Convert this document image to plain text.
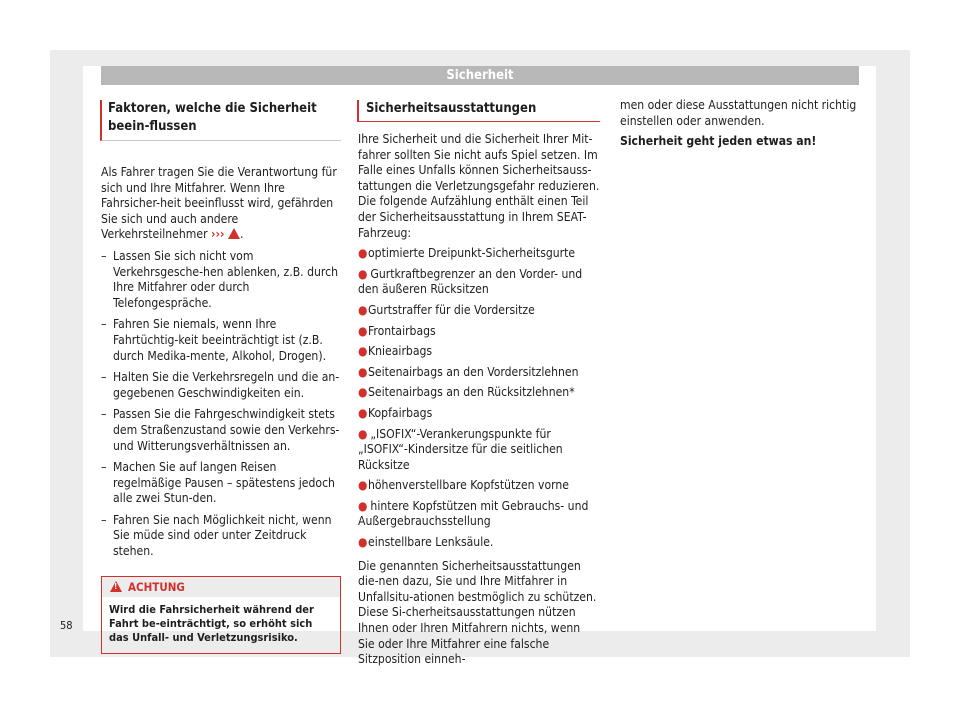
Sicherheit
Faktoren, welche die Sicherheit beein-flussen

Als Fahrer tragen Sie die Verantwortung für sich und Ihre Mitfahrer. Wenn Ihre Fahrsicher-heit beeinflusst wird, gefährden Sie sich und auch andere Verkehrsteilnehmer ››› .

– Lassen Sie sich nicht vom Verkehrsgesche-hen ablenken, z.B. durch Ihre Mitfahrer oder durch Telefongespräche.
– Fahren Sie niemals, wenn Ihre Fahrtüchtig-keit beeinträchtigt ist (z.B. durch Medika-mente, Alkohol, Drogen).
– Halten Sie die Verkehrsregeln und die an-gegebenen Geschwindigkeiten ein.
– Passen Sie die Fahrgeschwindigkeit stets dem Straßenzustand sowie den Verkehrs- und Witterungsverhältnissen an.
– Machen Sie auf langen Reisen regelmäßige Pausen – spätestens jedoch alle zwei Stun-den.
– Fahren Sie nach Möglichkeit nicht, wenn Sie müde sind oder unter Zeitdruck stehen.
!
ACHTUNG
Wird die Fahrsicherheit während der Fahrt be-einträchtigt, so erhöht sich das Unfall- und Verletzungsrisiko.
Sicherheitsausstattungen

Ihre Sicherheit und die Sicherheit Ihrer Mit-fahrer sollten Sie nicht aufs Spiel setzen. Im Falle eines Unfalls können Sicherheitsauss-tattungen die Verletzungsgefahr reduzieren. Die folgende Aufzählung enthält einen Teil der Sicherheitsausstattung in Ihrem SEAT-Fahrzeug:

● optimierte Dreipunkt-Sicherheitsgurte
● Gurtkraftbegrenzer an den Vorder- und den äußeren Rücksitzen
● Gurtstraffer für die Vordersitze
● Frontairbags
● Knieairbags
● Seitenairbags an den Vordersitzlehnen
● Seitenairbags an den Rücksitzlehnen*
● Kopfairbags
● „ISOFIX“-Verankerungspunkte für „ISOFIX“-Kindersitze für die seitlichen Rücksitze
● höhenverstellbare Kopfstützen vorne
● hintere Kopfstützen mit Gebrauchs- und Außergebrauchsstellung
● einstellbare Lenksäule.

Die genannten Sicherheitsausstattungen die-nen dazu, Sie und Ihre Mitfahrer in Unfallsitu-ationen bestmöglich zu schützen. Diese Si-cherheitsausstattungen nützen Ihnen oder Ihren Mitfahrern nichts, wenn Sie oder Ihre Mitfahrer eine falsche Sitzposition einneh-

men oder diese Ausstattungen nicht richtig einstellen oder anwenden.

Sicherheit geht jeden etwas an!

58
